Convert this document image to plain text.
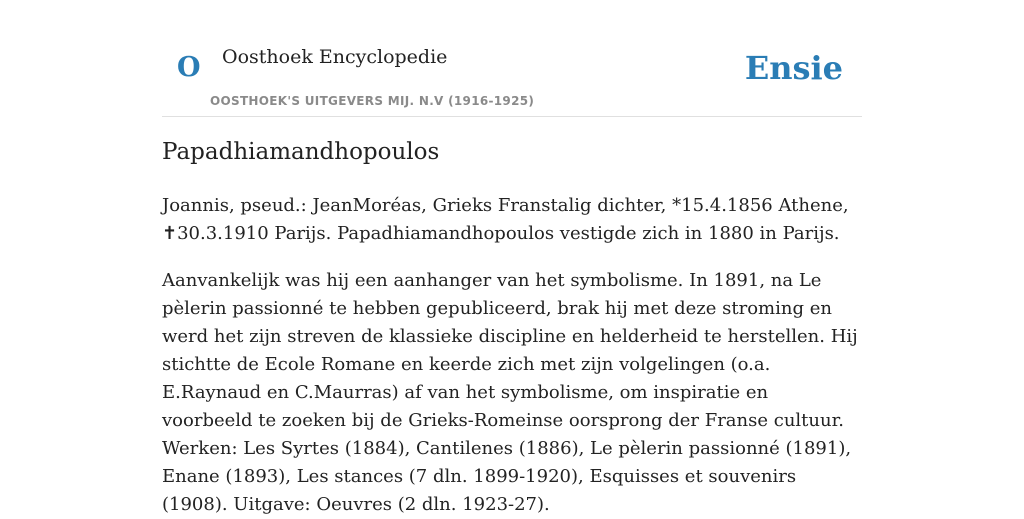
O Oosthoek Encyclopedie
OOSTHOEK'S UITGEVERS MIJ. N.V (1916-1925)
Ensie
Papadhiamandhopoulos

Joannis, pseud.: JeanMoréas, Grieks Franstalig dichter, *15.4.1856 Athene, ✝30.3.1910 Parijs. Papadhiamandhopoulos vestigde zich in 1880 in Parijs.

Aanvankelijk was hij een aanhanger van het symbolisme. In 1891, na Le pèlerin passionné te hebben gepubliceerd, brak hij met deze stroming en werd het zijn streven de klassieke discipline en helderheid te herstellen. Hij stichtte de Ecole Romane en keerde zich met zijn volgelingen (o.a. E.Raynaud en C.Maurras) af van het symbolisme, om inspiratie en voorbeeld te zoeken bij de Grieks-Romeinse oorsprong der Franse cultuur. Werken: Les Syrtes (1884), Cantilenes (1886), Le pèlerin passionné (1891), Enane (1893), Les stances (7 dln. 1899-1920), Esquisses et souvenirs (1908). Uitgave: Oeuvres (2 dln. 1923-27).
